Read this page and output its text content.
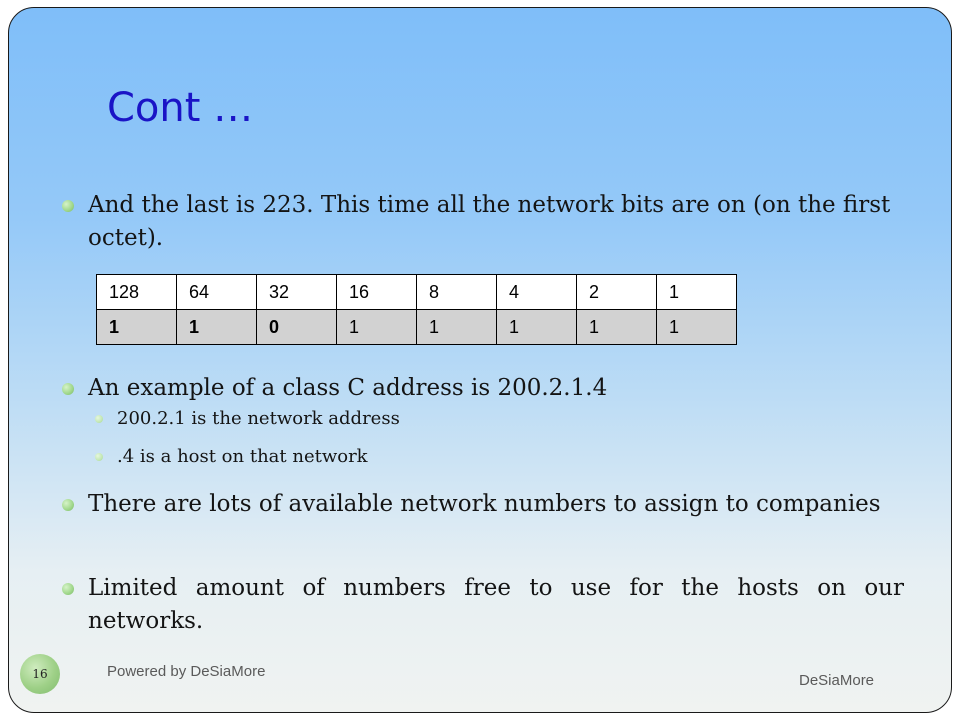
Cont …
And the last is 223. This time all the network bits are on (on the first octet).
128	64	32	16	8	4	2	1
1	1	0	1	1	1	1	1
An example of a class C address is 200.2.1.4
200.2.1 is the network address
.4 is a host on that network
There are lots of available network numbers to assign to companies
Limited amount of numbers free to use for the hosts on our networks.
16	Powered by DeSiaMore
DeSiaMore
